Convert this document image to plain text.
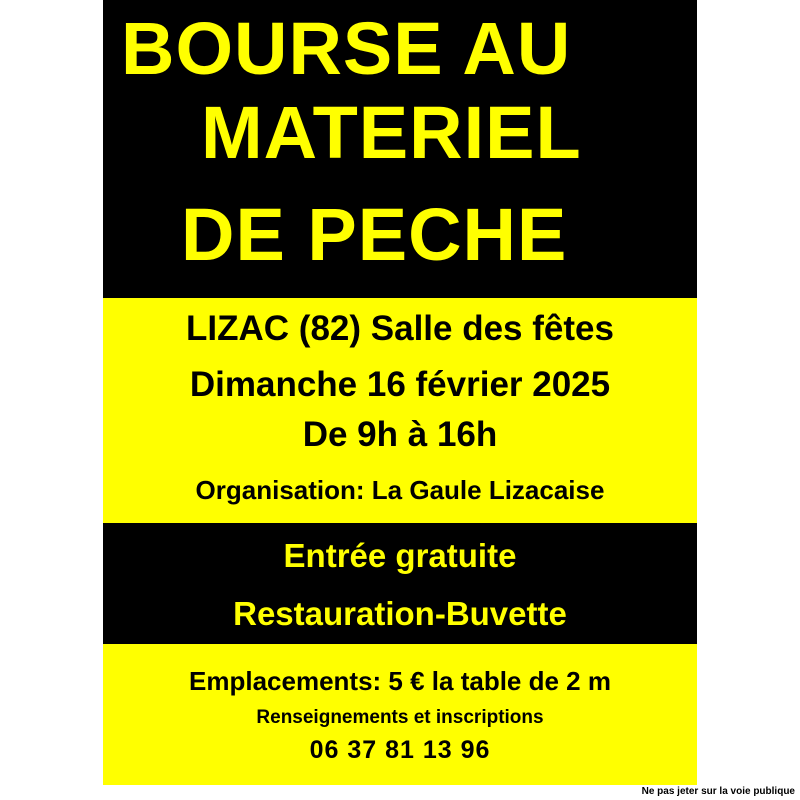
BOURSE AU
MATERIEL
DE PECHE

LIZAC (82) Salle des fêtes

Dimanche 16 février 2025

De 9h à 16h

Organisation: La Gaule Lizacaise

Entrée gratuite

Restauration-Buvette

Emplacements: 5 € la table de 2 m

Renseignements et inscriptions

06 37 81 13 96

Ne pas jeter sur la voie publique
